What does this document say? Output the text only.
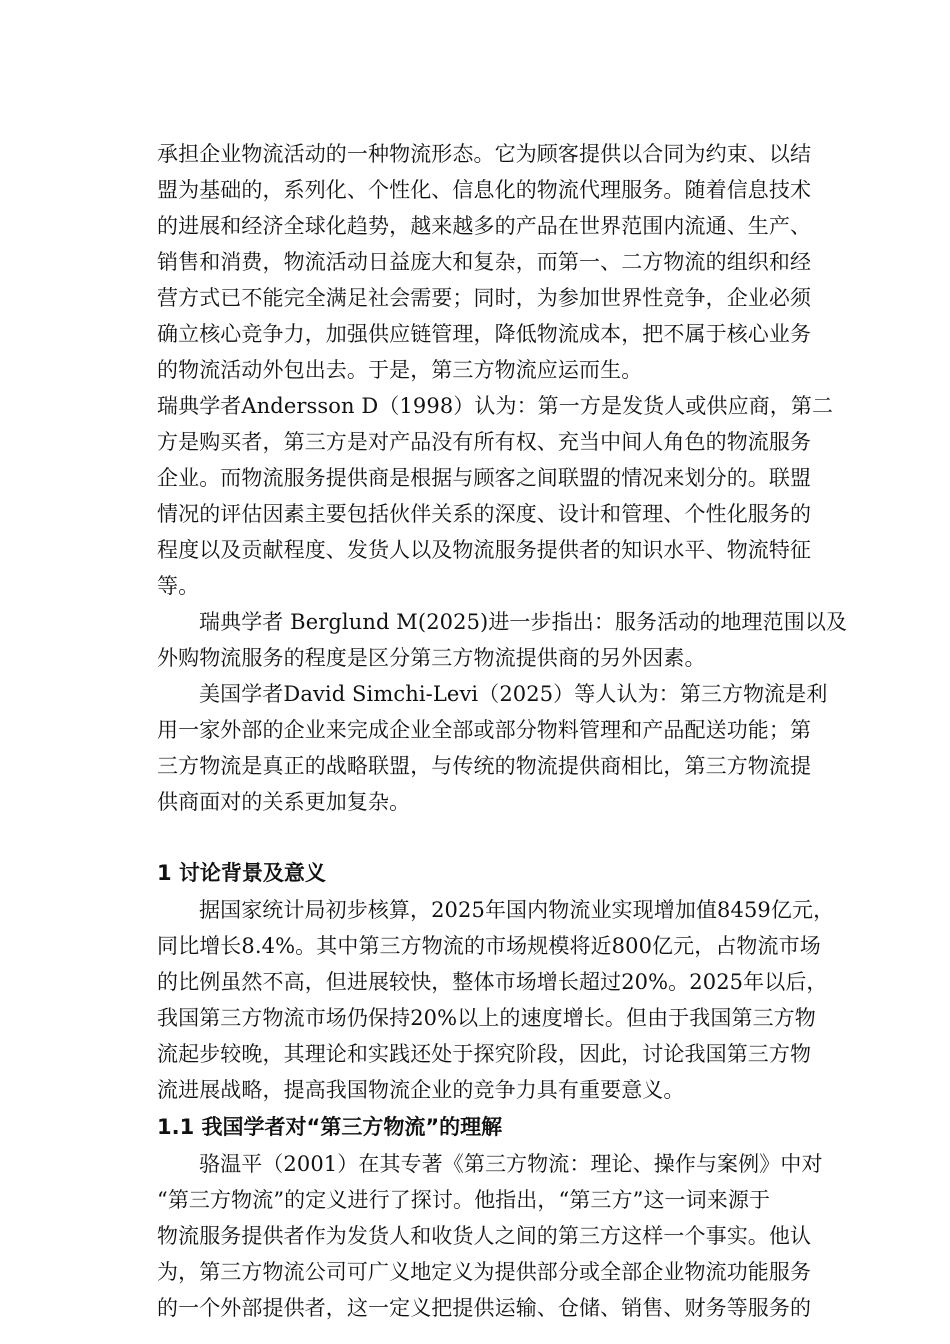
承担企业物流活动的一种物流形态。它为顾客提供以合同为约束、以结
盟为基础的，系列化、个性化、信息化的物流代理服务。随着信息技术
的进展和经济全球化趋势，越来越多的产品在世界范围内流通、生产、
销售和消费，物流活动日益庞大和复杂，而第一、二方物流的组织和经
营方式已不能完全满足社会需要；同时，为参加世界性竞争，企业必须
确立核心竞争力，加强供应链管理，降低物流成本，把不属于核心业务
的物流活动外包出去。于是，第三方物流应运而生。
瑞典学者Andersson D（1998）认为：第一方是发货人或供应商，第二
方是购买者，第三方是对产品没有所有权、充当中间人角色的物流服务
企业。而物流服务提供商是根据与顾客之间联盟的情况来划分的。联盟
情况的评估因素主要包括伙伴关系的深度、设计和管理、个性化服务的
程度以及贡献程度、发货人以及物流服务提供者的知识水平、物流特征
等。
瑞典学者 Berglund M(2025)进一步指出：服务活动的地理范围以及
外购物流服务的程度是区分第三方物流提供商的另外因素。
美国学者David Simchi-Levi（2025）等人认为：第三方物流是利
用一家外部的企业来完成企业全部或部分物料管理和产品配送功能；第
三方物流是真正的战略联盟，与传统的物流提供商相比，第三方物流提
供商面对的关系更加复杂。
1 讨论背景及意义
据国家统计局初步核算，2025年国内物流业实现增加值8459亿元，
同比增长8.4%。其中第三方物流的市场规模将近800亿元，占物流市场
的比例虽然不高，但进展较快，整体市场增长超过20%。2025年以后，
我国第三方物流市场仍保持20%以上的速度增长。但由于我国第三方物
流起步较晚，其理论和实践还处于探究阶段，因此，讨论我国第三方物
流进展战略，提高我国物流企业的竞争力具有重要意义。
1.1 我国学者对“第三方物流”的理解
骆温平（2001）在其专著《第三方物流：理论、操作与案例》中对
“第三方物流”的定义进行了探讨。他指出，“第三方”这一词来源于
物流服务提供者作为发货人和收货人之间的第三方这样一个事实。他认
为，第三方物流公司可广义地定义为提供部分或全部企业物流功能服务
的一个外部提供者，这一定义把提供运输、仓储、销售、财务等服务的
